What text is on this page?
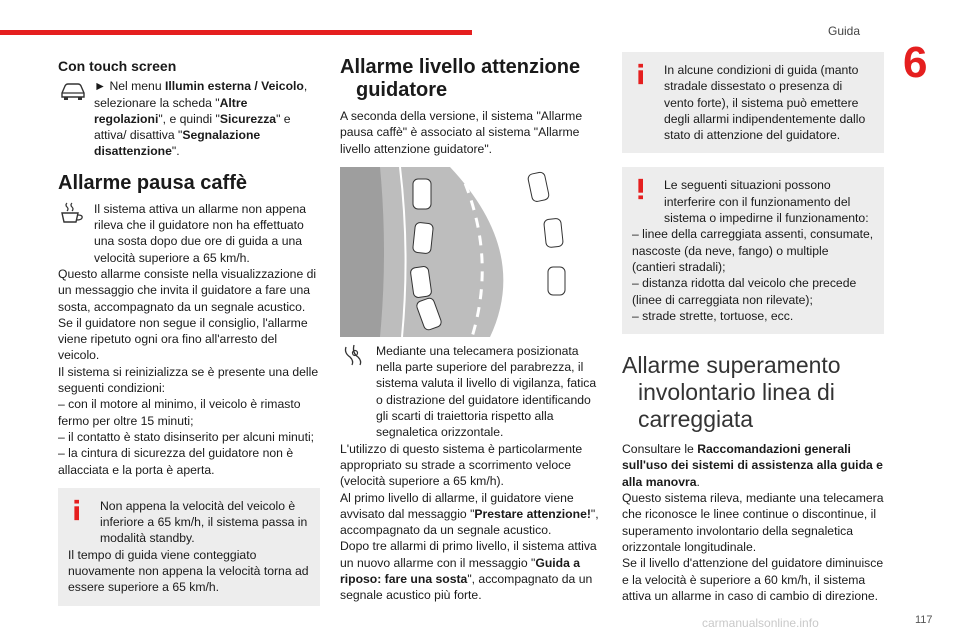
Guida
6
117
carmanualsonline.info
Con touch screen

► Nel menu Illumin esterna / Veicolo, selezionare la scheda "Altre regolazioni", e quindi "Sicurezza" e attiva/ disattiva "Segnalazione disattenzione".

Allarme pausa caffè

Il sistema attiva un allarme non appena rileva che il guidatore non ha effettuato una sosta dopo due ore di guida a una velocità superiore a 65 km/h.

Questo allarme consiste nella visualizzazione di un messaggio che invita il guidatore a fare una sosta, accompagnato da un segnale acustico.

Se il guidatore non segue il consiglio, l'allarme viene ripetuto ogni ora fino all'arresto del veicolo.

Il sistema si reinizializza se è presente una delle seguenti condizioni:

– con il motore al minimo, il veicolo è rimasto fermo per oltre 15 minuti;

– il contatto è stato disinserito per alcuni minuti;

– la cintura di sicurezza del guidatore non è allacciata e la porta è aperta.

Non appena la velocità del veicolo è inferiore a 65 km/h, il sistema passa in modalità standby.

Il tempo di guida viene conteggiato nuovamente non appena la velocità torna ad essere superiore a 65 km/h.

Allarme livello attenzione
guidatore

A seconda della versione, il sistema "Allarme pausa caffè" è associato al sistema "Allarme livello attenzione guidatore".

Mediante una telecamera posizionata nella parte superiore del parabrezza, il sistema valuta il livello di vigilanza, fatica o distrazione del guidatore identificando gli scarti di traiettoria rispetto alla segnaletica orizzontale.

L'utilizzo di questo sistema è particolarmente appropriato su strade a scorrimento veloce (velocità superiore a 65 km/h).

Al primo livello di allarme, il guidatore viene avvisato dal messaggio "Prestare attenzione!", accompagnato da un segnale acustico.

Dopo tre allarmi di primo livello, il sistema attiva un nuovo allarme con il messaggio "Guida a riposo: fare una sosta", accompagnato da un segnale acustico più forte.

In alcune condizioni di guida (manto stradale dissestato o presenza di vento forte), il sistema può emettere degli allarmi indipendentemente dallo stato di attenzione del guidatore.

Le seguenti situazioni possono interferire con il funzionamento del sistema o impedirne il funzionamento:

– linee della carreggiata assenti, consumate, nascoste (da neve, fango) o multiple (cantieri stradali);

– distanza ridotta dal veicolo che precede (linee di carreggiata non rilevate);

– strade strette, tortuose, ecc.

Allarme superamento
involontario linea di
carreggiata

Consultare le Raccomandazioni generali sull'uso dei sistemi di assistenza alla guida e alla manovra.

Questo sistema rileva, mediante una telecamera che riconosce le linee continue o discontinue, il superamento involontario della segnaletica orizzontale longitudinale.

Se il livello d'attenzione del guidatore diminuisce e la velocità è superiore a 60 km/h, il sistema attiva un allarme in caso di cambio di direzione.
